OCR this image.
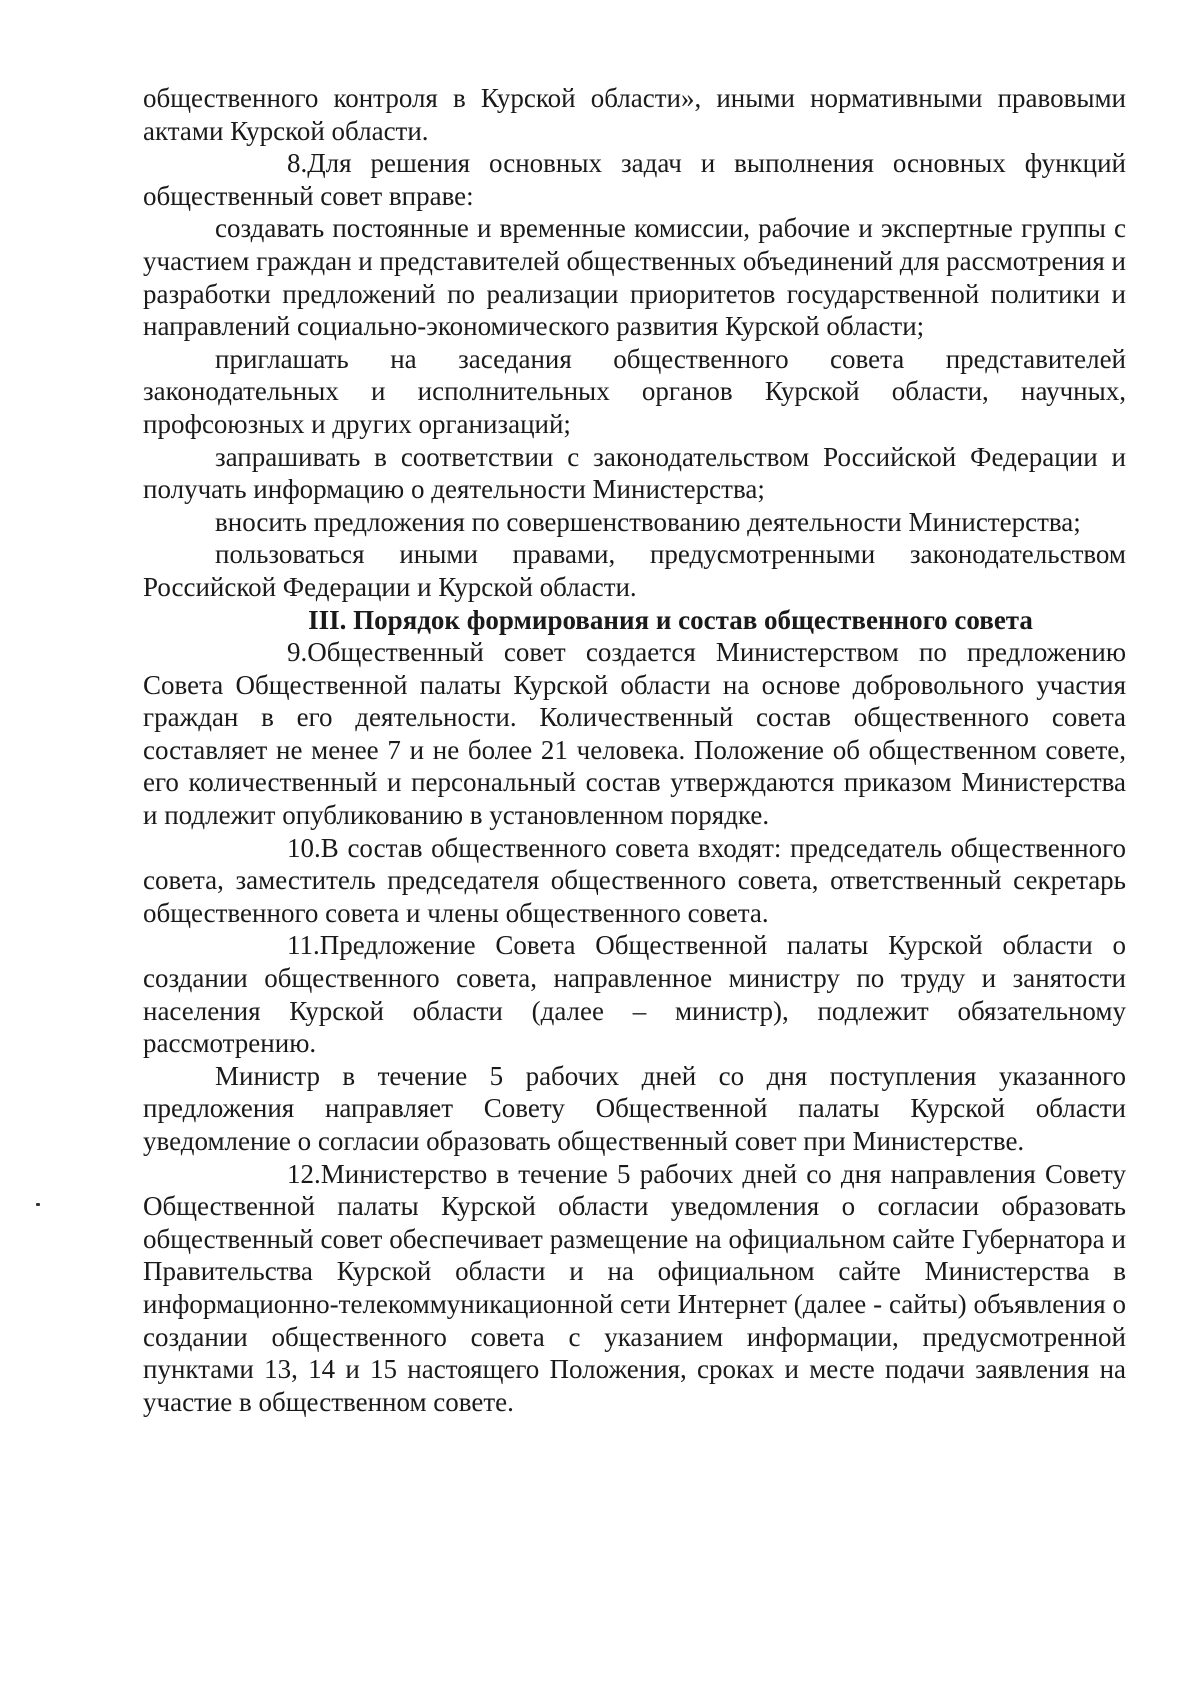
общественного контроля в Курской области», иными нормативными правовыми актами Курской области.

8.Для решения основных задач и выполнения основных функций общественный совет вправе:

создавать постоянные и временные комиссии, рабочие и экспертные группы с участием граждан и представителей общественных объединений для рассмотрения и разработки предложений по реализации приоритетов государственной политики и направлений социально-экономического развития Курской области;

приглашать на заседания общественного совета представителей законодательных и исполнительных органов Курской области, научных, профсоюзных и других организаций;

запрашивать в соответствии с законодательством Российской Федерации и получать информацию о деятельности Министерства;

вносить предложения по совершенствованию деятельности Министерства;

пользоваться иными правами, предусмотренными законодательством Российской Федерации и Курской области.

III. Порядок формирования и состав общественного совета

9.Общественный совет создается Министерством по предложению Совета Общественной палаты Курской области на основе добровольного участия граждан в его деятельности. Количественный состав общественного совета составляет не менее 7 и не более 21 человека. Положение об общественном совете, его количественный и персональный состав утверждаются приказом Министерства и подлежит опубликованию в установленном порядке.

10.В состав общественного совета входят: председатель общественного совета, заместитель председателя общественного совета, ответственный секретарь общественного совета и члены общественного совета.

11.Предложение Совета Общественной палаты Курской области о создании общественного совета, направленное министру по труду и занятости населения Курской области (далее – министр), подлежит обязательному рассмотрению.

Министр в течение 5 рабочих дней со дня поступления указанного предложения направляет Совету Общественной палаты Курской области уведомление о согласии образовать общественный совет при Министерстве.

12.Министерство в течение 5 рабочих дней со дня направления Совету Общественной палаты Курской области уведомления о согласии образовать общественный совет обеспечивает размещение на официальном сайте Губернатора и Правительства Курской области и на официальном сайте Министерства в информационно-телекоммуникационной сети Интернет (далее - сайты) объявления о создании общественного совета с указанием информации, предусмотренной пунктами 13, 14 и 15 настоящего Положения, сроках и месте подачи заявления на участие в общественном совете.
